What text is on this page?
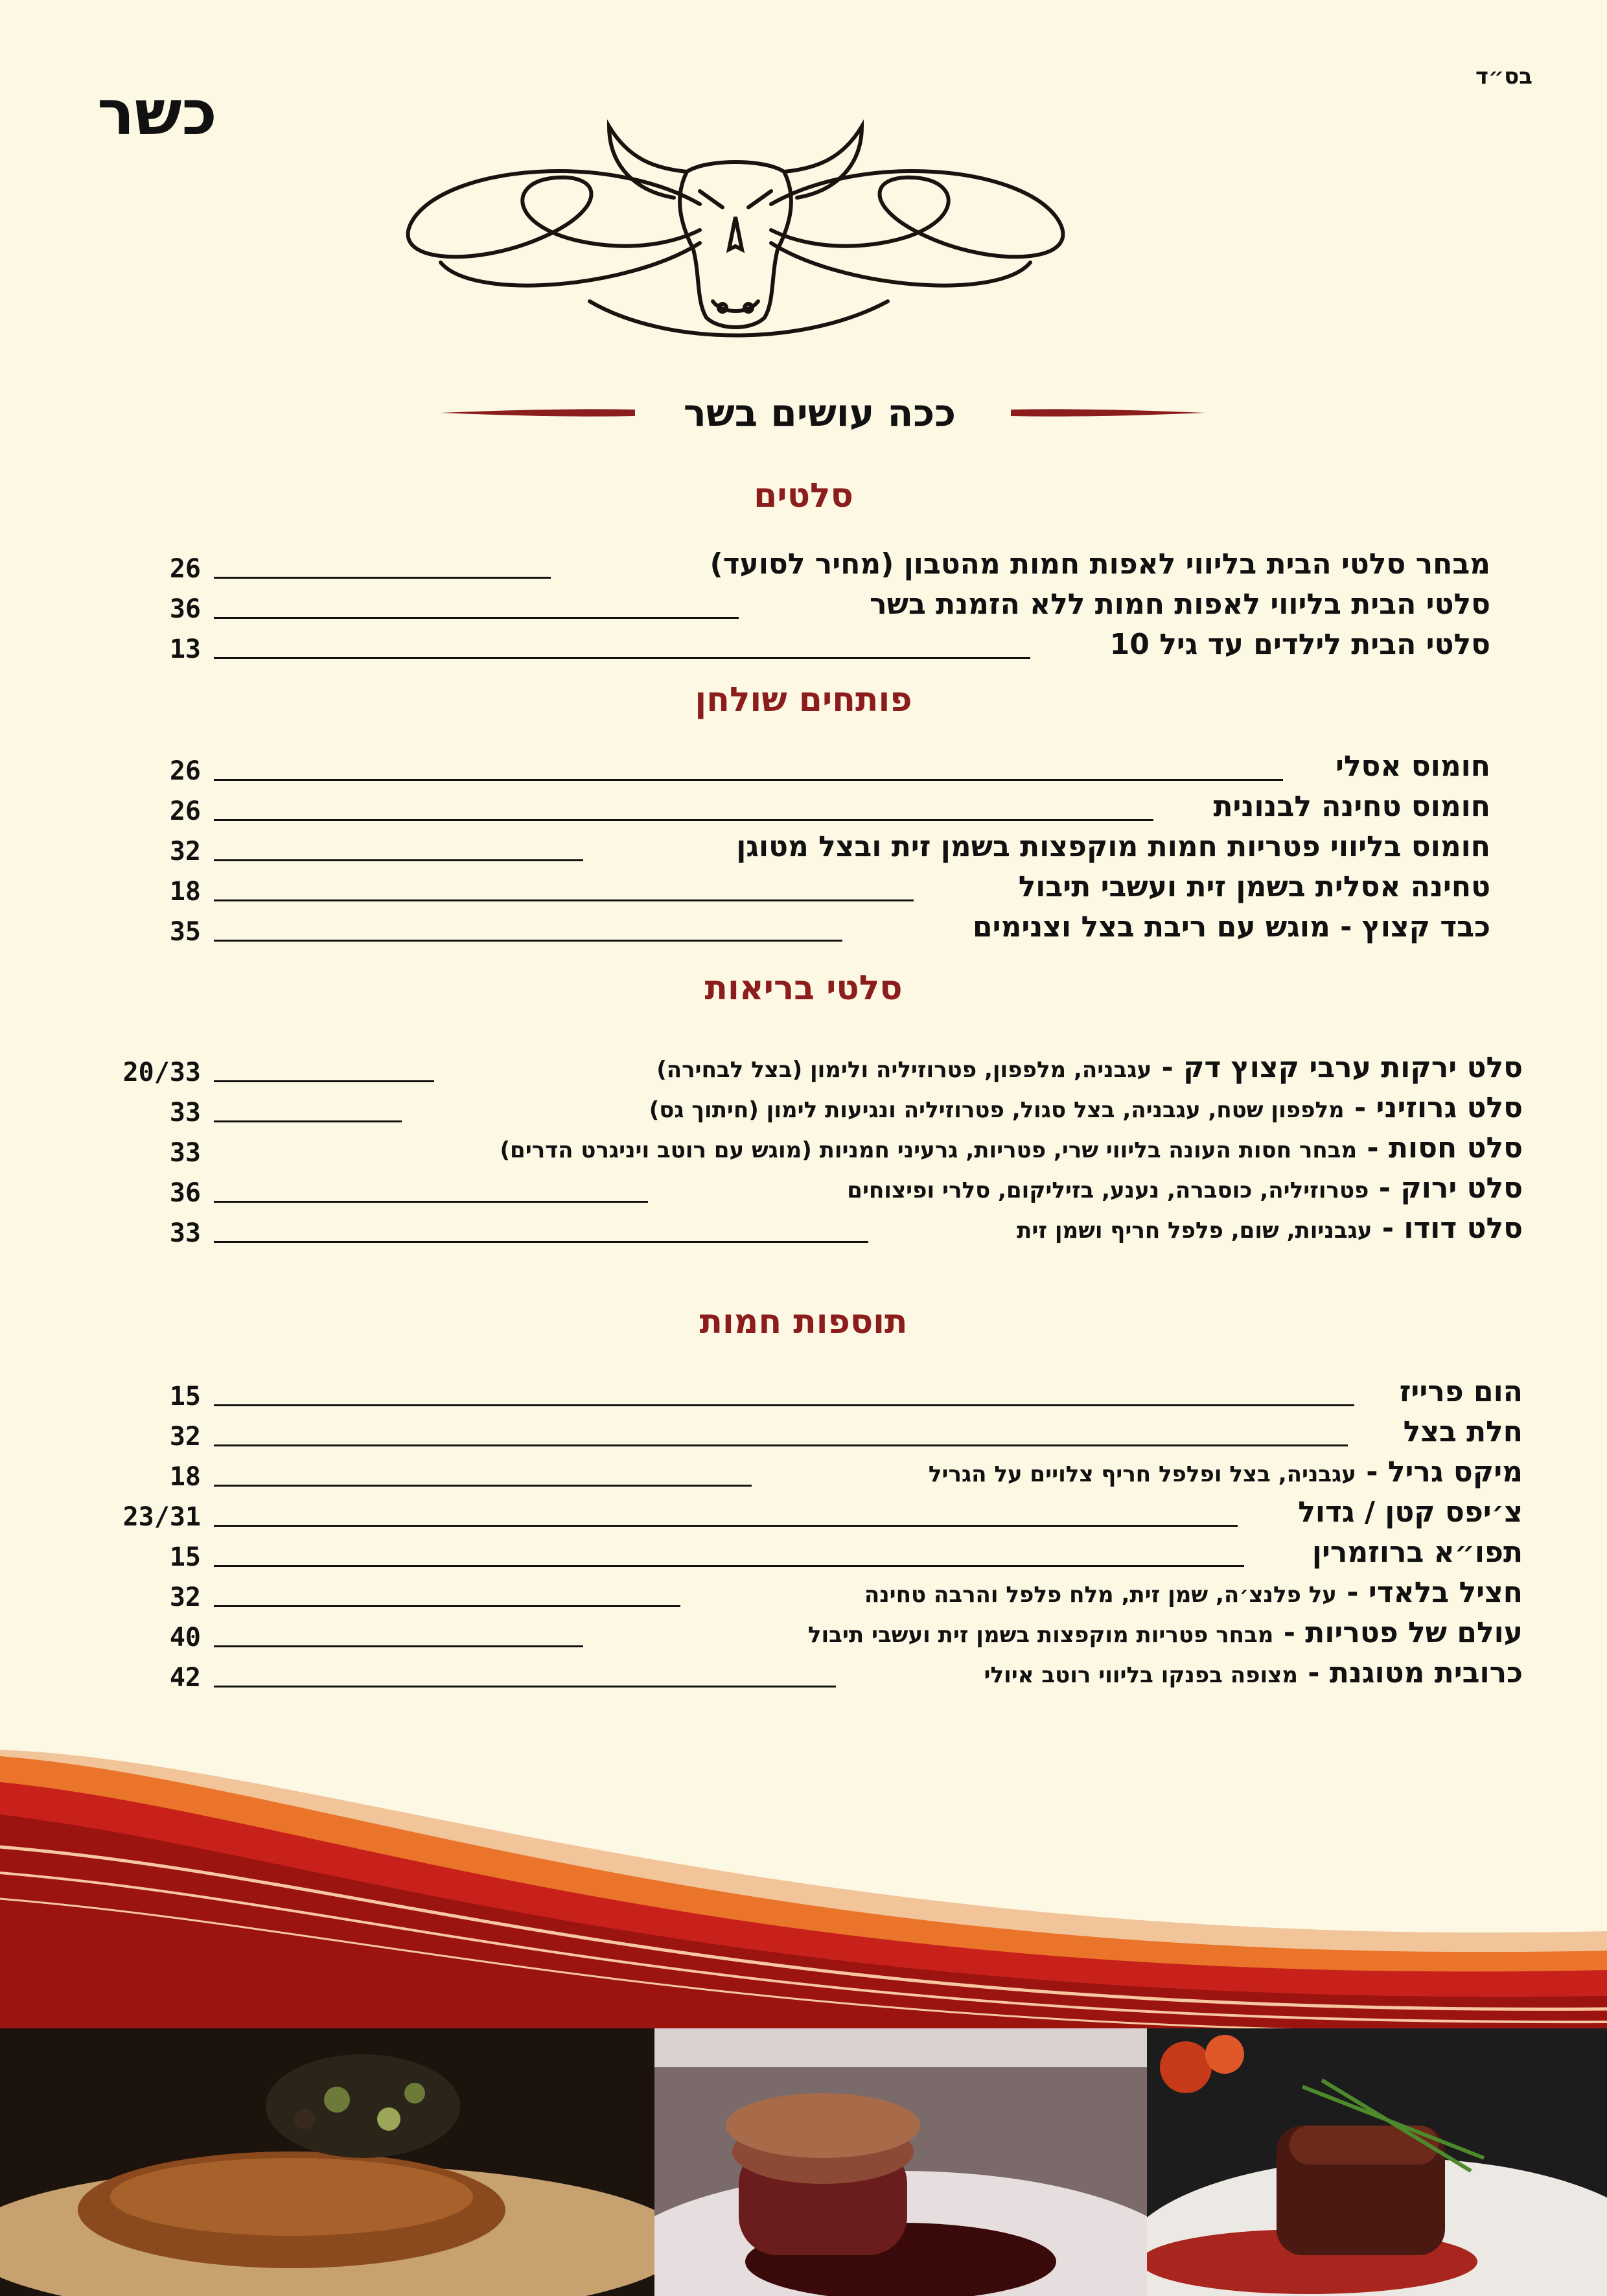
בס״ד
כשר
ככה עושים בשר
סלטים
פותחים שולחן
סלטי בריאות
תוספות חמות
מבחר סלטי הבית בליווי לאפות חמות מהטבון (מחיר לסועד)
26
סלטי הבית בליווי לאפות חמות ללא הזמנת בשר
36
סלטי הבית לילדים עד גיל 10
13
חומוס אסלי
26
חומוס טחינה לבנונית
26
חומוס בליווי פטריות חמות מוקפצות בשמן זית ובצל מטוגן
32
טחינה אסלית בשמן זית ועשבי תיבול
18
כבד קצוץ - מוגש עם ריבת בצל וצנימים
35
סלט ירקות ערבי קצוץ דק - עגבניה, מלפפון, פטרוזיליה ולימון (בצל לבחירה)
20/33
סלט גרוזיני - מלפפון שטח, עגבניה, בצל סגול, פטרוזיליה ונגיעות לימון (חיתוך גס)
33
סלט חסות - מבחר חסות העונה בליווי שרי, פטריות, גרעיני חמניות (מוגש עם רוטב ויניגרט הדרים)
33
סלט ירוק - פטרוזיליה, כוסברה, נענע, בזיליקום, סלרי ופיצוחים
36
סלט דודו - עגבניות, שום, פלפל חריף ושמן זית
33
הום פרייז
15
חלת בצל
32
מיקס גריל - עגבניה, בצל ופלפל חריף צלויים על הגריל
18
צ׳יפס קטן / גדול
23/31
תפו״א ברוזמרין
15
חציל בלאדי - על פלנצ׳ה, שמן זית, מלח פלפל והרבה טחינה
32
עולם של פטריות - מבחר פטריות מוקפצות בשמן זית ועשבי תיבול
40
כרובית מטוגנת - מצופה בפנקו בליווי רוטב איולי
42
